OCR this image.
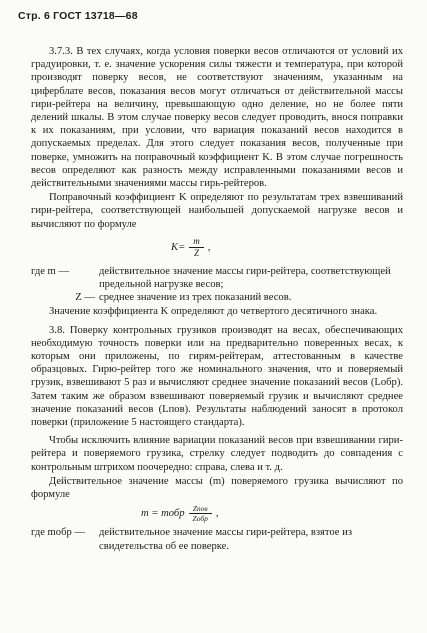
Стр. 6 ГОСТ 13718—68

3.7.3. В тех случаях, когда условия поверки весов отличаются от условий их градуировки, т. е. значение ускорения силы тяжести и температура, при которой производят поверку весов, не соответствуют значениям, указанным на циферблате весов, показания весов могут отличаться от действительной массы гири-рейтера на величину, превышающую одно деление, но не более пяти делений шкалы. В этом случае поверку весов следует проводить, внося поправки к их показаниям, при условии, что вариация показаний весов находится в допускаемых пределах. Для этого следует показания весов, полученные при поверке, умножить на поправочный коэффициент K. В этом случае погрешность весов определяют как разность между исправленными показаниями весов и действительными значениями массы гирь-рейтеров.

Поправочный коэффициент K определяют по результатам трех взвешиваний гири-рейтера, соответствующей наибольшей допускаемой нагрузке весов и вычисляют по формуле

$K= \frac{m}{Z}$ ,
где m —	действительное значение массы гири-рейтера, соответствующей предельной нагрузке весов;
Z — среднее значение из трех показаний весов.

Значение коэффициента K определяют до четвертого десятичного знака.

3.8. Поверку контрольных грузиков производят на весах, обеспечивающих необходимую точность поверки или на предварительно поверенных весах, к которым они приложены, по гирям-рейтерам, аттестованным в качестве образцовых. Гирю-рейтер того же номинального значения, что и поверяемый грузик, взвешивают 5 раз и вычисляют среднее значение показаний весов (Lобр). Затем таким же образом взвешивают поверяемый грузик и вычисляют среднее значение показаний весов (Lпов). Результаты наблюдений заносят в протокол поверки (приложение 5 настоящего стандарта).

Чтобы исключить влияние вариации показаний весов при взвешивании гири-рейтера и поверяемого грузика, стрелку следует подводить до совпадения с контрольным штрихом поочередно: справа, слева и т. д.

Действительное значение массы (m) поверяемого грузика вычисляют по формуле

m = mобр $\frac{\text{Zпов}}{\text{Zобр}}$ ,
где mобр —	действительное значение массы гири-рейтера, взятое из свидетельства об ее поверке.
